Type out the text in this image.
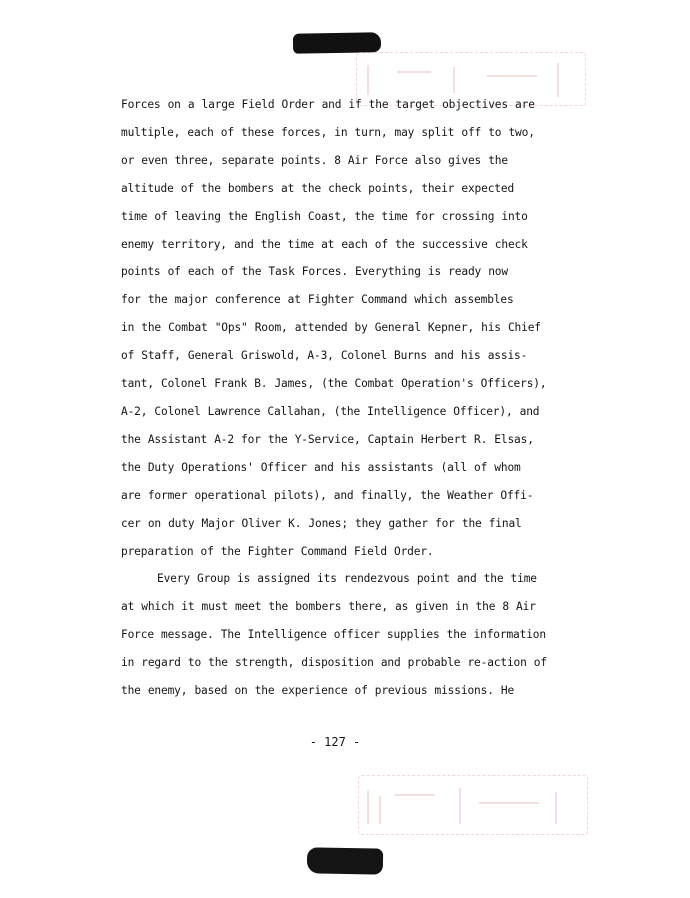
Forces on a large Field Order and if the target objectives are
multiple, each of these forces, in turn, may split off to two,
or even three, separate points. 8 Air Force also gives the
altitude of the bombers at the check points, their expected
time of leaving the English Coast, the time for crossing into
enemy territory, and the time at each of the successive check
points of each of the Task Forces. Everything is ready now
for the major conference at Fighter Command which assembles
in the Combat "Ops" Room, attended by General Kepner, his Chief
of Staff, General Griswold, A-3, Colonel Burns and his assis-
tant, Colonel Frank B. James, (the Combat Operation's Officers),
A-2, Colonel Lawrence Callahan, (the Intelligence Officer), and
the Assistant A-2 for the Y-Service, Captain Herbert R. Elsas,
the Duty Operations' Officer and his assistants (all of whom
are former operational pilots), and finally, the Weather Offi-
cer on duty Major Oliver K. Jones; they gather for the final
preparation of the Fighter Command Field Order.
Every Group is assigned its rendezvous point and the time
at which it must meet the bombers there, as given in the 8 Air
Force message. The Intelligence officer supplies the information
in regard to the strength, disposition and probable re-action of
the enemy, based on the experience of previous missions. He
- 127 -
